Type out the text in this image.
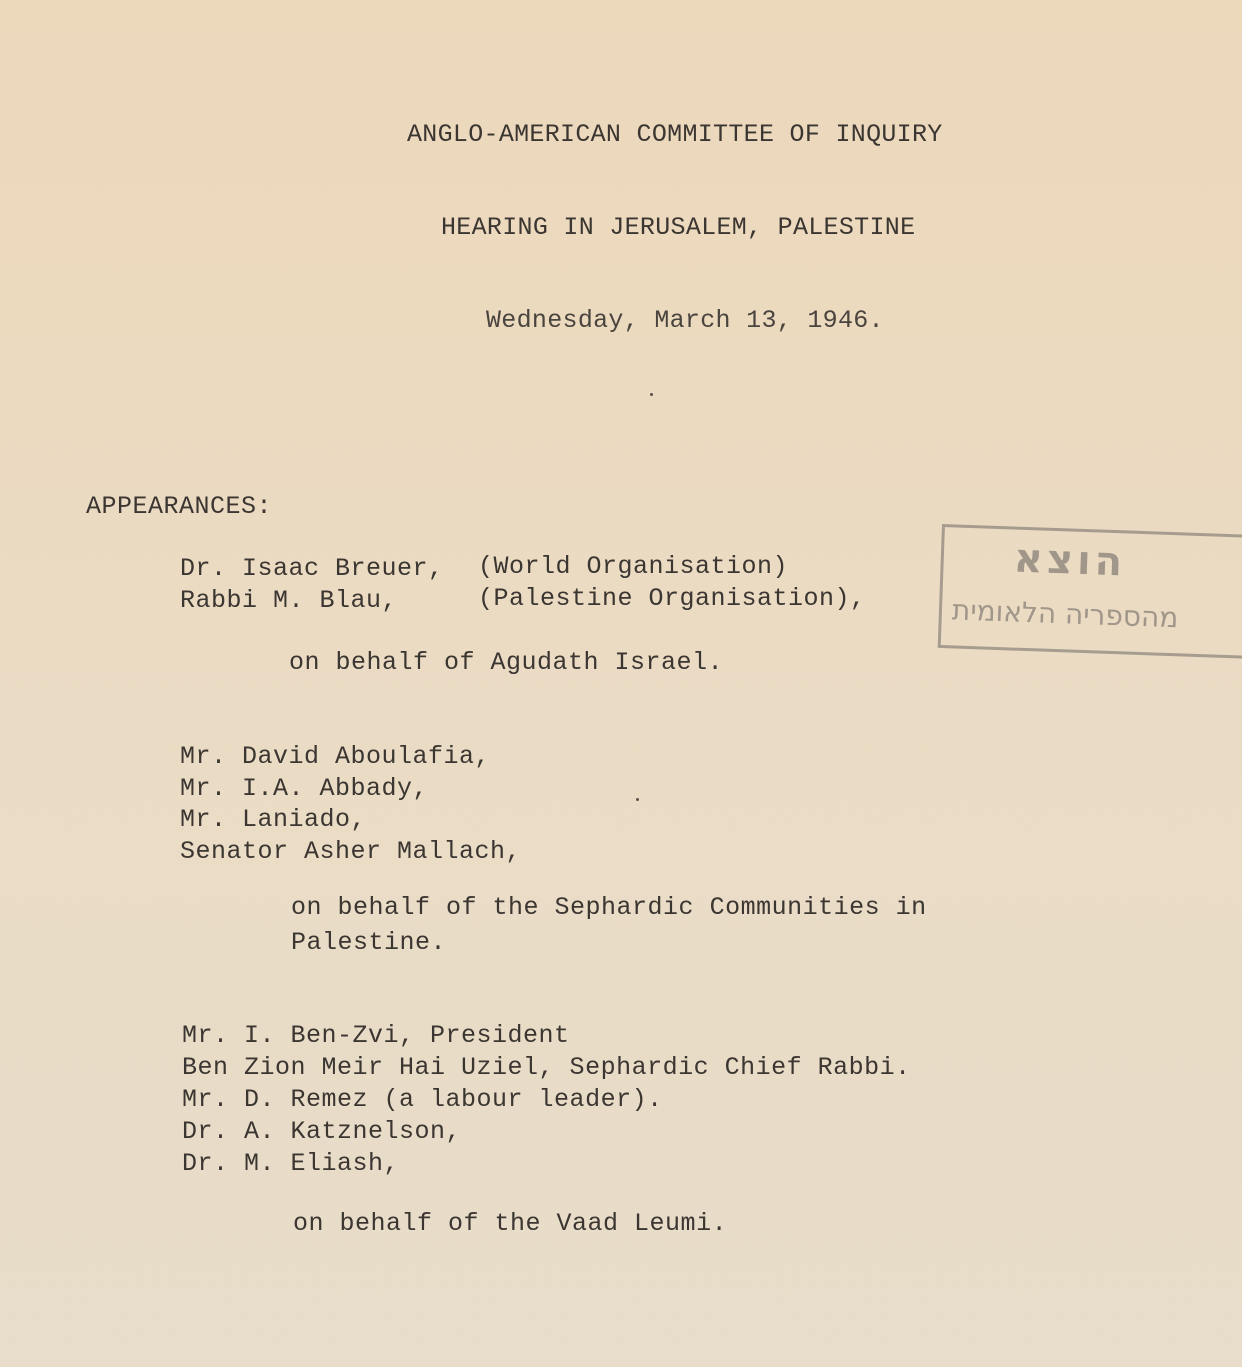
ANGLO-AMERICAN COMMITTEE OF INQUIRY
HEARING IN JERUSALEM, PALESTINE
Wednesday, March 13, 1946.
APPEARANCES:
Dr. Isaac Breuer, (World Organisation)
Rabbi M. Blau,	(Palestine Organisation),
on behalf of Agudath Israel.
Mr. David Aboulafia,
Mr. I.A. Abbady,
Mr. Laniado,
Senator Asher Mallach,
on behalf of the Sephardic Communities in
Palestine.
Mr. I. Ben-Zvi, President
Ben Zion Meir Hai Uziel, Sephardic Chief Rabbi.
Mr. D. Remez (a labour leader).
Dr. A. Katznelson,
Dr. M. Eliash,
on behalf of the Vaad Leumi.
הוצא
מהספריה הלאומית
